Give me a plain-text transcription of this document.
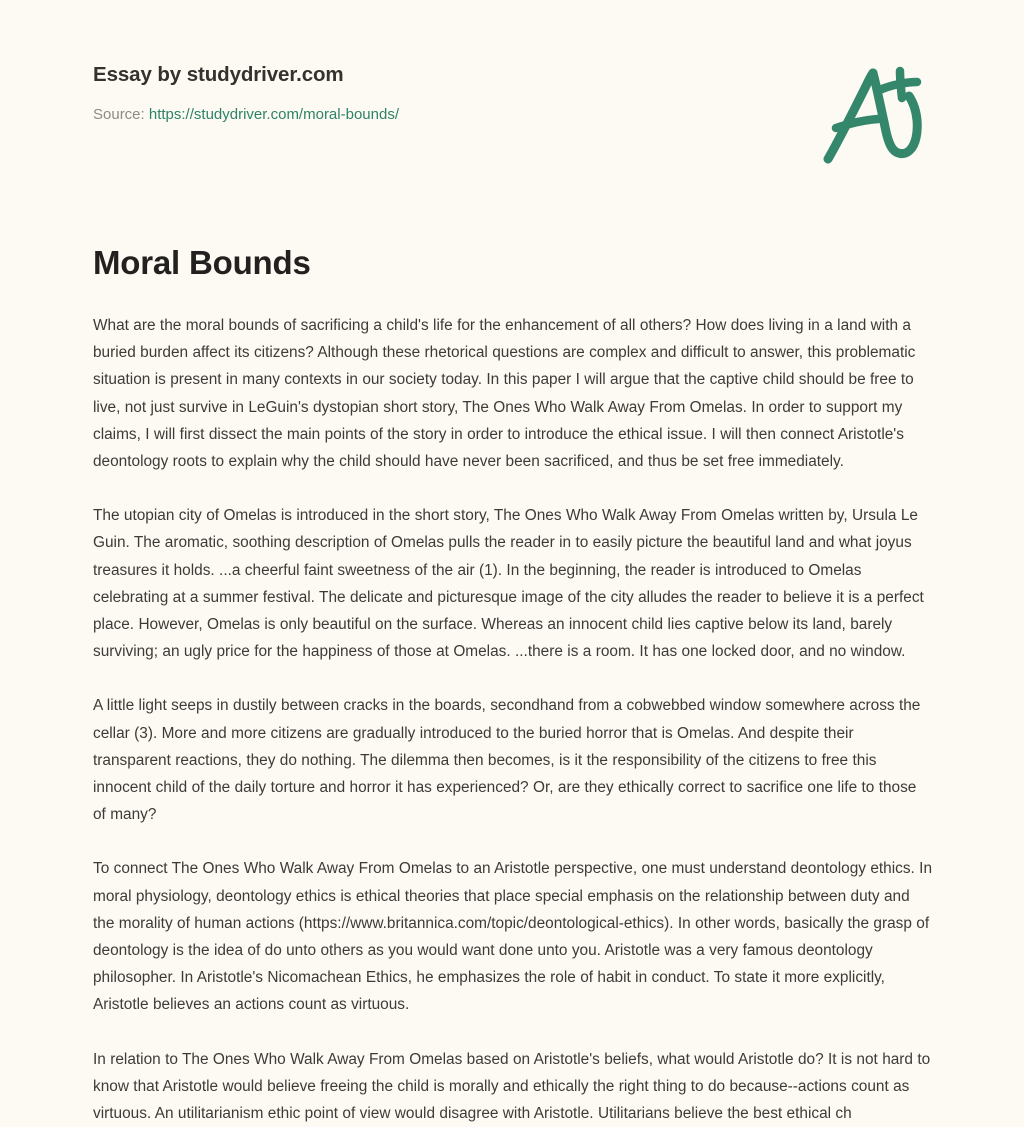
Essay by studydriver.com
Source: https://studydriver.com/moral-bounds/
Moral Bounds

What are the moral bounds of sacrificing a child's life for the enhancement of all others? How does living in a land with a buried burden affect its citizens? Although these rhetorical questions are complex and difficult to answer, this problematic situation is present in many contexts in our society today. In this paper I will argue that the captive child should be free to live, not just survive in LeGuin's dystopian short story, The Ones Who Walk Away From Omelas. In order to support my claims, I will first dissect the main points of the story in order to introduce the ethical issue. I will then connect Aristotle's deontology roots to explain why the child should have never been sacrificed, and thus be set free immediately.

The utopian city of Omelas is introduced in the short story, The Ones Who Walk Away From Omelas written by, Ursula Le Guin. The aromatic, soothing description of Omelas pulls the reader in to easily picture the beautiful land and what joyus treasures it holds. ...a cheerful faint sweetness of the air (1). In the beginning, the reader is introduced to Omelas celebrating at a summer festival. The delicate and picturesque image of the city alludes the reader to believe it is a perfect place. However, Omelas is only beautiful on the surface. Whereas an innocent child lies captive below its land, barely surviving; an ugly price for the happiness of those at Omelas. ...there is a room. It has one locked door, and no window.

A little light seeps in dustily between cracks in the boards, secondhand from a cobwebbed window somewhere across the cellar (3). More and more citizens are gradually introduced to the buried horror that is Omelas. And despite their transparent reactions, they do nothing. The dilemma then becomes, is it the responsibility of the citizens to free this innocent child of the daily torture and horror it has experienced? Or, are they ethically correct to sacrifice one life to those of many?

To connect The Ones Who Walk Away From Omelas to an Aristotle perspective, one must understand deontology ethics. In moral physiology, deontology ethics is ethical theories that place special emphasis on the relationship between duty and the morality of human actions (https://www.britannica.com/topic/deontological-ethics). In other words, basically the grasp of deontology is the idea of do unto others as you would want done unto you. Aristotle was a very famous deontology philosopher. In Aristotle's Nicomachean Ethics, he emphasizes the role of habit in conduct. To state it more explicitly, Aristotle believes an actions count as virtuous.

In relation to The Ones Who Walk Away From Omelas based on Aristotle's beliefs, what would Aristotle do? It is not hard to know that Aristotle would believe freeing the child is morally and ethically the right thing to do because--actions count as virtuous. An utilitarianism ethic point of view would disagree with Aristotle. Utilitarians believe the best ethical ch
